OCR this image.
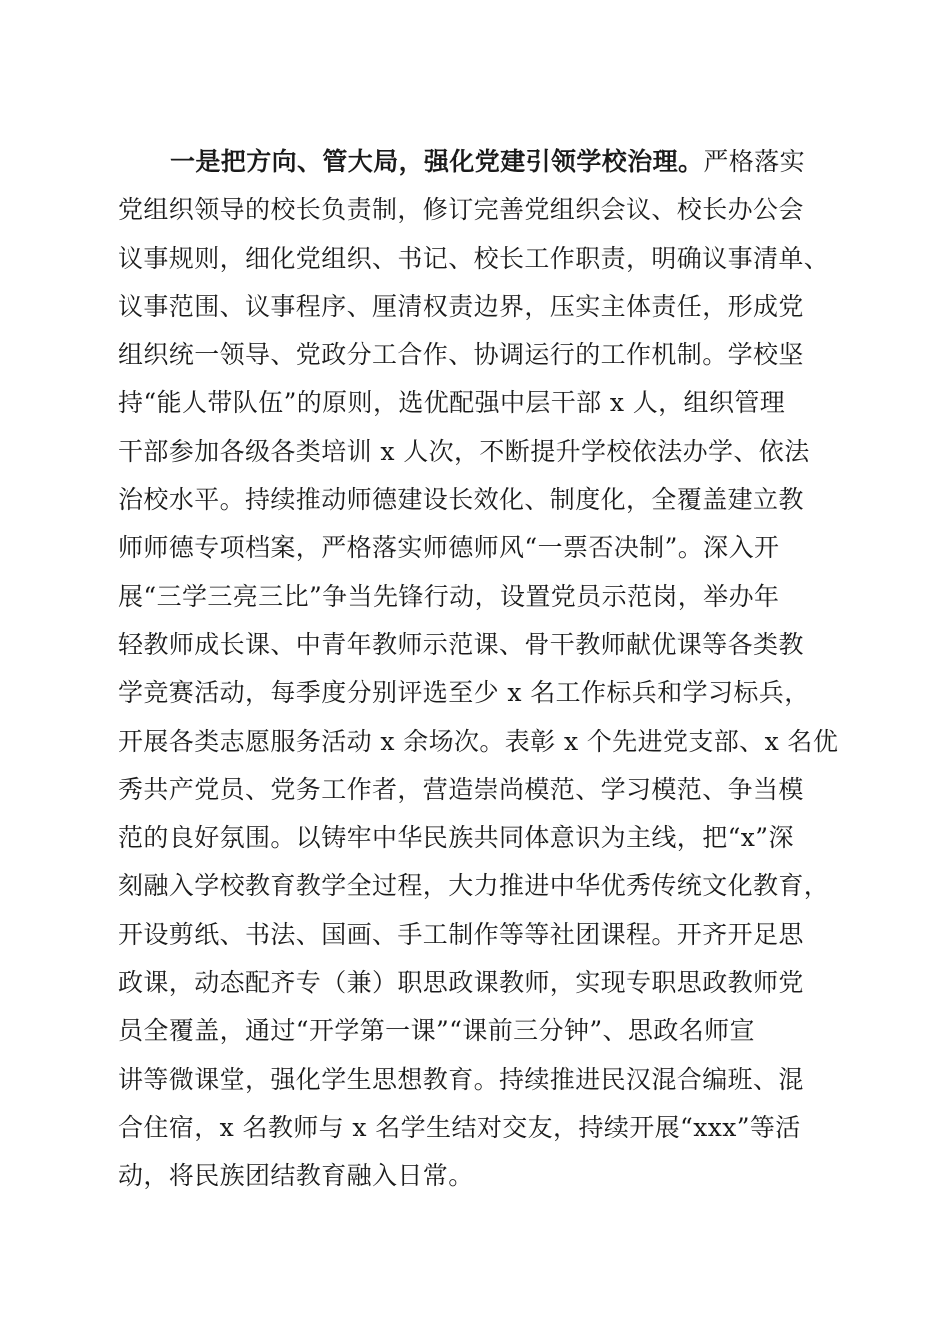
一是把方向、管大局，强化党建引领学校治理。严格落实
党组织领导的校长负责制，修订完善党组织会议、校长办公会
议事规则，细化党组织、书记、校长工作职责，明确议事清单、
议事范围、议事程序、厘清权责边界，压实主体责任，形成党
组织统一领导、党政分工合作、协调运行的工作机制。学校坚
持“能人带队伍”的原则，选优配强中层干部 x 人，组织管理
干部参加各级各类培训 x 人次，不断提升学校依法办学、依法
治校水平。持续推动师德建设长效化、制度化，全覆盖建立教
师师德专项档案，严格落实师德师风“一票否决制”。深入开
展“三学三亮三比”争当先锋行动，设置党员示范岗，举办年
轻教师成长课、中青年教师示范课、骨干教师献优课等各类教
学竞赛活动，每季度分别评选至少 x 名工作标兵和学习标兵，
开展各类志愿服务活动 x 余场次。表彰 x 个先进党支部、x 名优
秀共产党员、党务工作者，营造崇尚模范、学习模范、争当模
范的良好氛围。以铸牢中华民族共同体意识为主线，把“x”深
刻融入学校教育教学全过程，大力推进中华优秀传统文化教育，
开设剪纸、书法、国画、手工制作等等社团课程。开齐开足思
政课，动态配齐专（兼）职思政课教师，实现专职思政教师党
员全覆盖，通过“开学第一课”“课前三分钟”、思政名师宣
讲等微课堂，强化学生思想教育。持续推进民汉混合编班、混
合住宿，x 名教师与 x 名学生结对交友，持续开展“xxx”等活
动，将民族团结教育融入日常。
